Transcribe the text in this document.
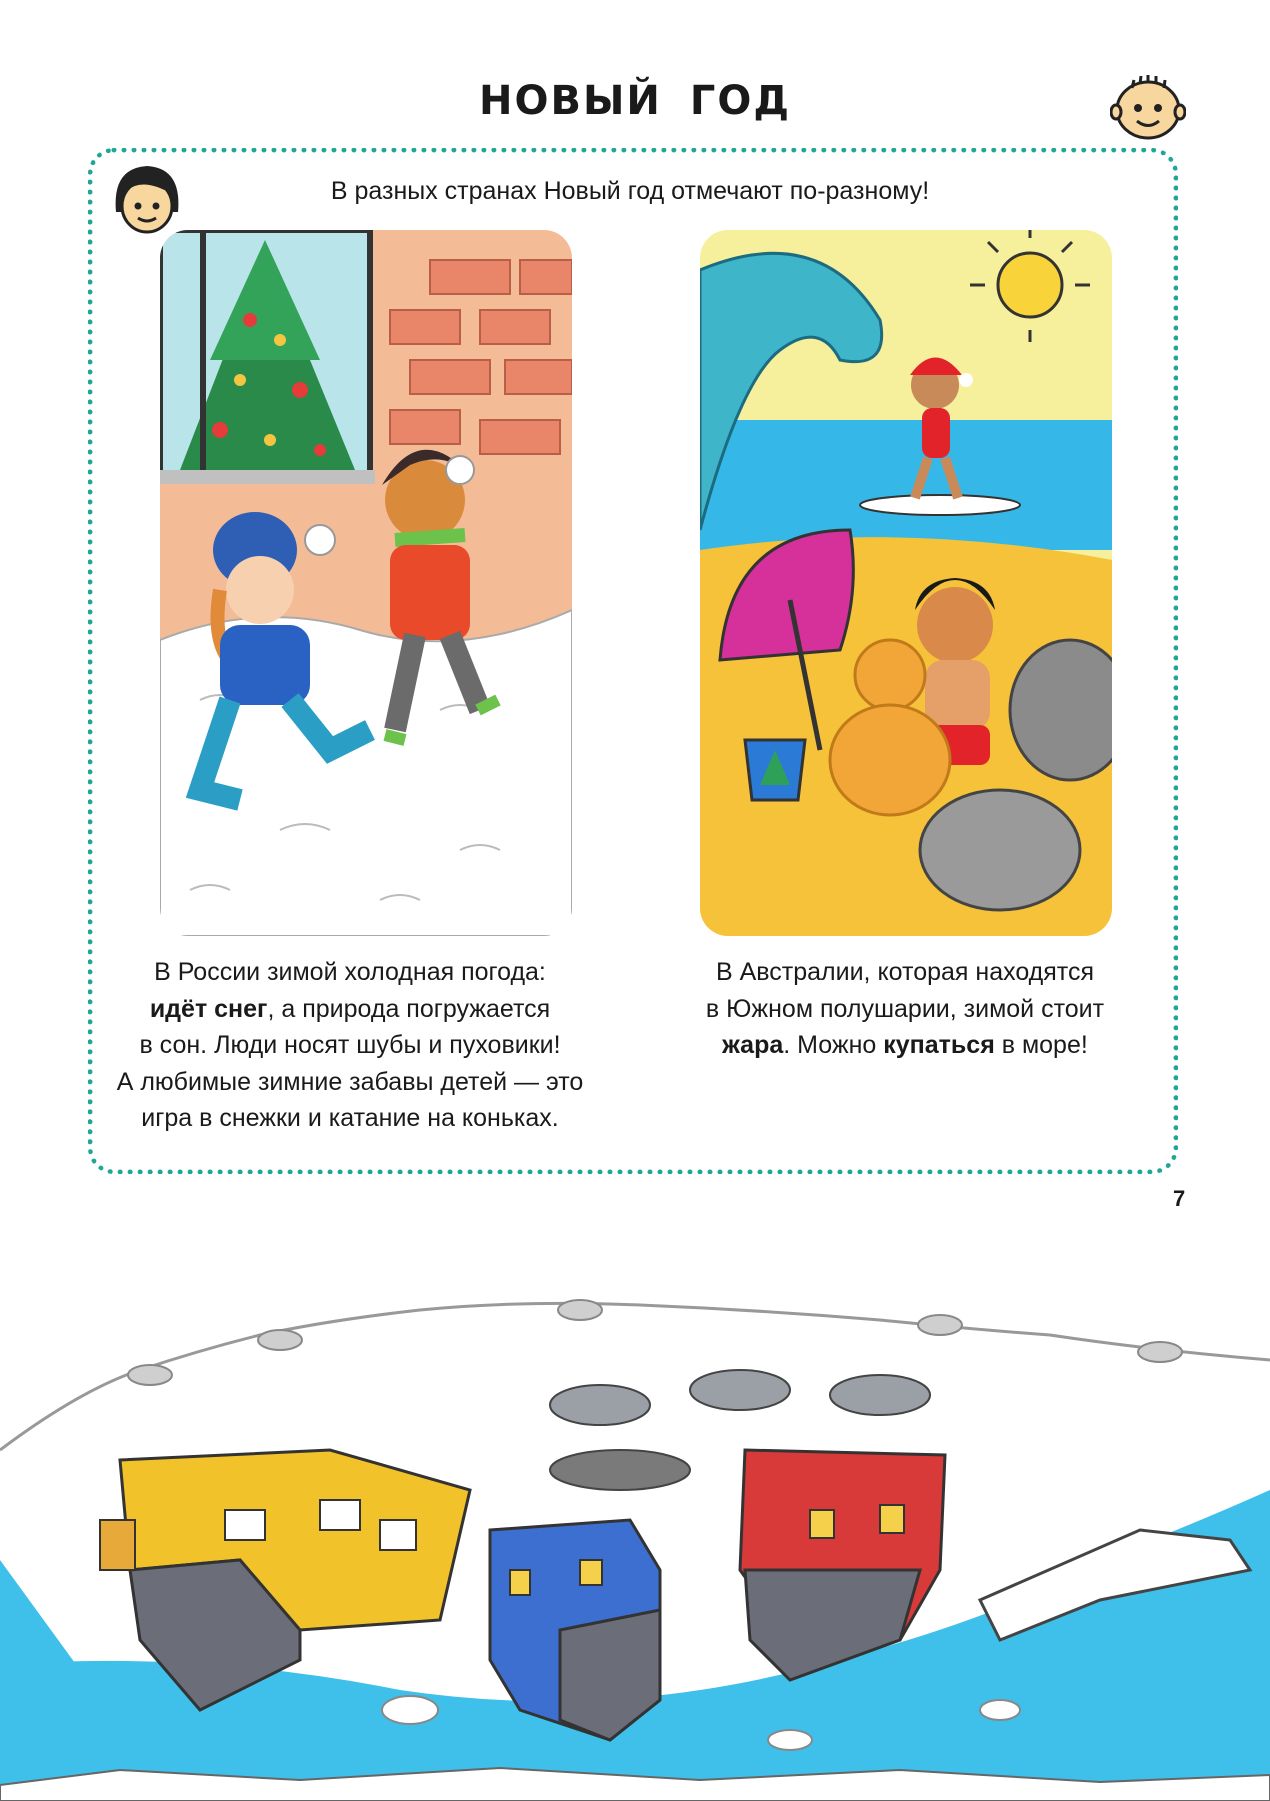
НОВЫЙ ГОД
В разных странах Новый год отмечают по-разному!
В России зимой холодная погода:
идёт снег, а природа погружается
в сон. Люди носят шубы и пуховики!
А любимые зимние забавы детей — это
игра в снежки и катание на коньках.
В Австралии, которая находятся
в Южном полушарии, зимой стоит
жара. Можно купаться в море!
7
